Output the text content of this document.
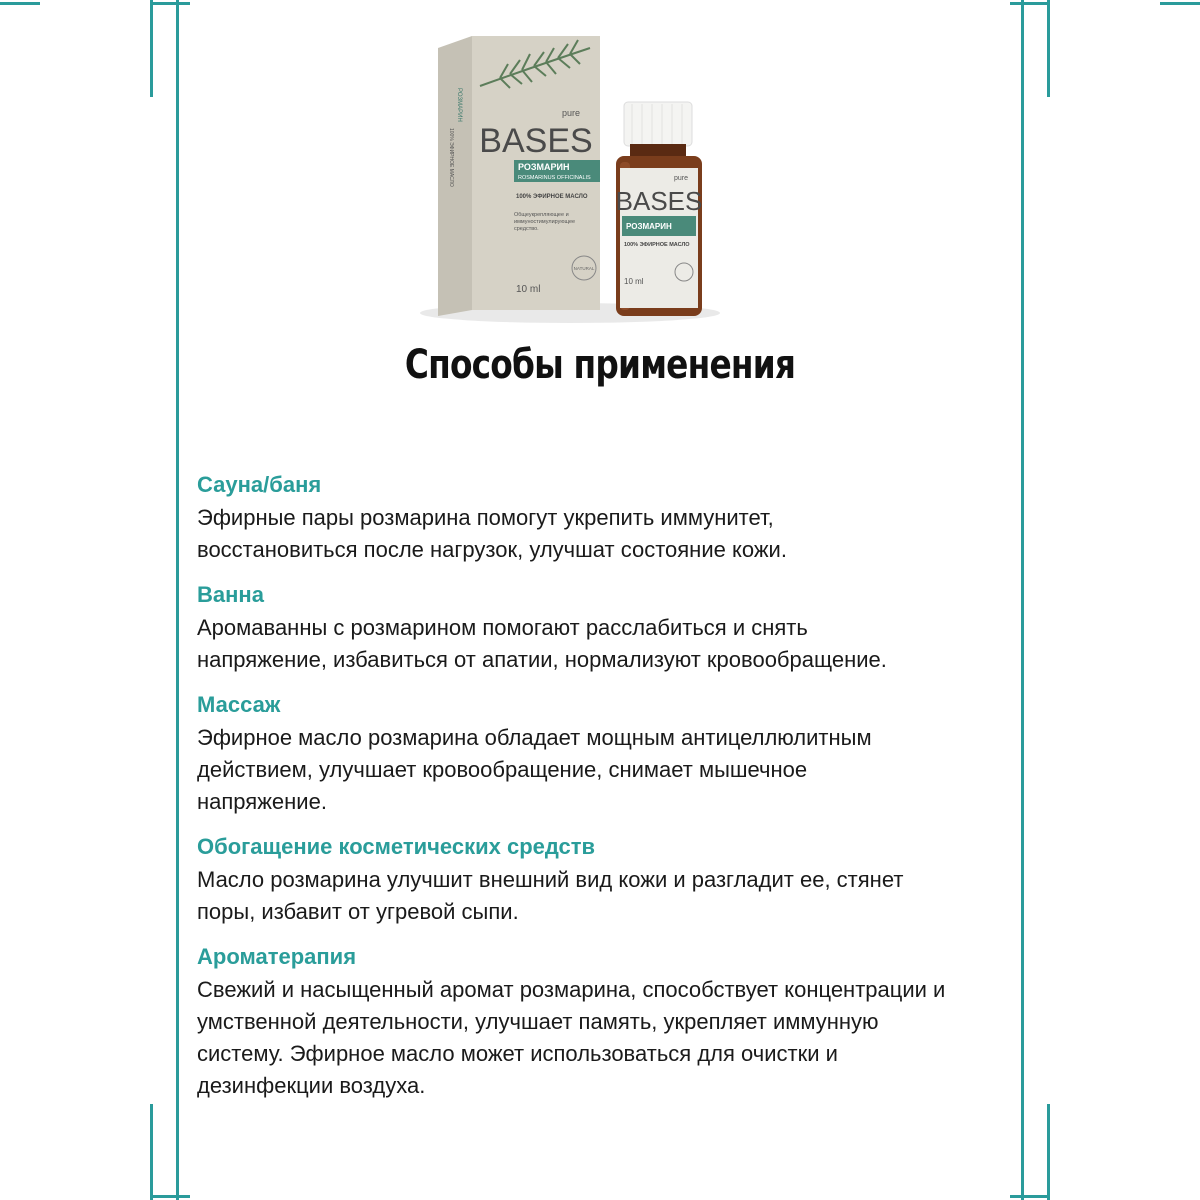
pure
BASES
РОЗМАРИН
ROSMARINUS OFFICINALIS
100% ЭФИРНОЕ МАСЛО
Общеукрепляющее и иммуностимулирующее средство.
NATURAL
10 ml
РОЗМАРИН
100% ЭФИРНОЕ МАСЛО	pure
BASES
РОЗМАРИН
100% ЭФИРНОЕ МАСЛО
10 ml
Способы применения
Сауна/баня
Эфирные пары розмарина помогут укрепить иммунитет,
восстановиться после нагрузок, улучшат состояние кожи.
Ванна
Аромаванны с розмарином помогают расслабиться и снять
напряжение, избавиться от апатии, нормализуют кровообращение.
Массаж
Эфирное масло розмарина обладает мощным антицеллюлитным
действием, улучшает кровообращение, снимает мышечное
напряжение.
Обогащение косметических средств
Масло розмарина улучшит внешний вид кожи и разгладит ее, стянет
поры, избавит от угревой сыпи.
Ароматерапия
Свежий и насыщенный аромат розмарина, способствует концентрации и
умственной деятельности, улучшает память, укрепляет иммунную
систему. Эфирное масло может использоваться для очистки и
дезинфекции воздуха.
